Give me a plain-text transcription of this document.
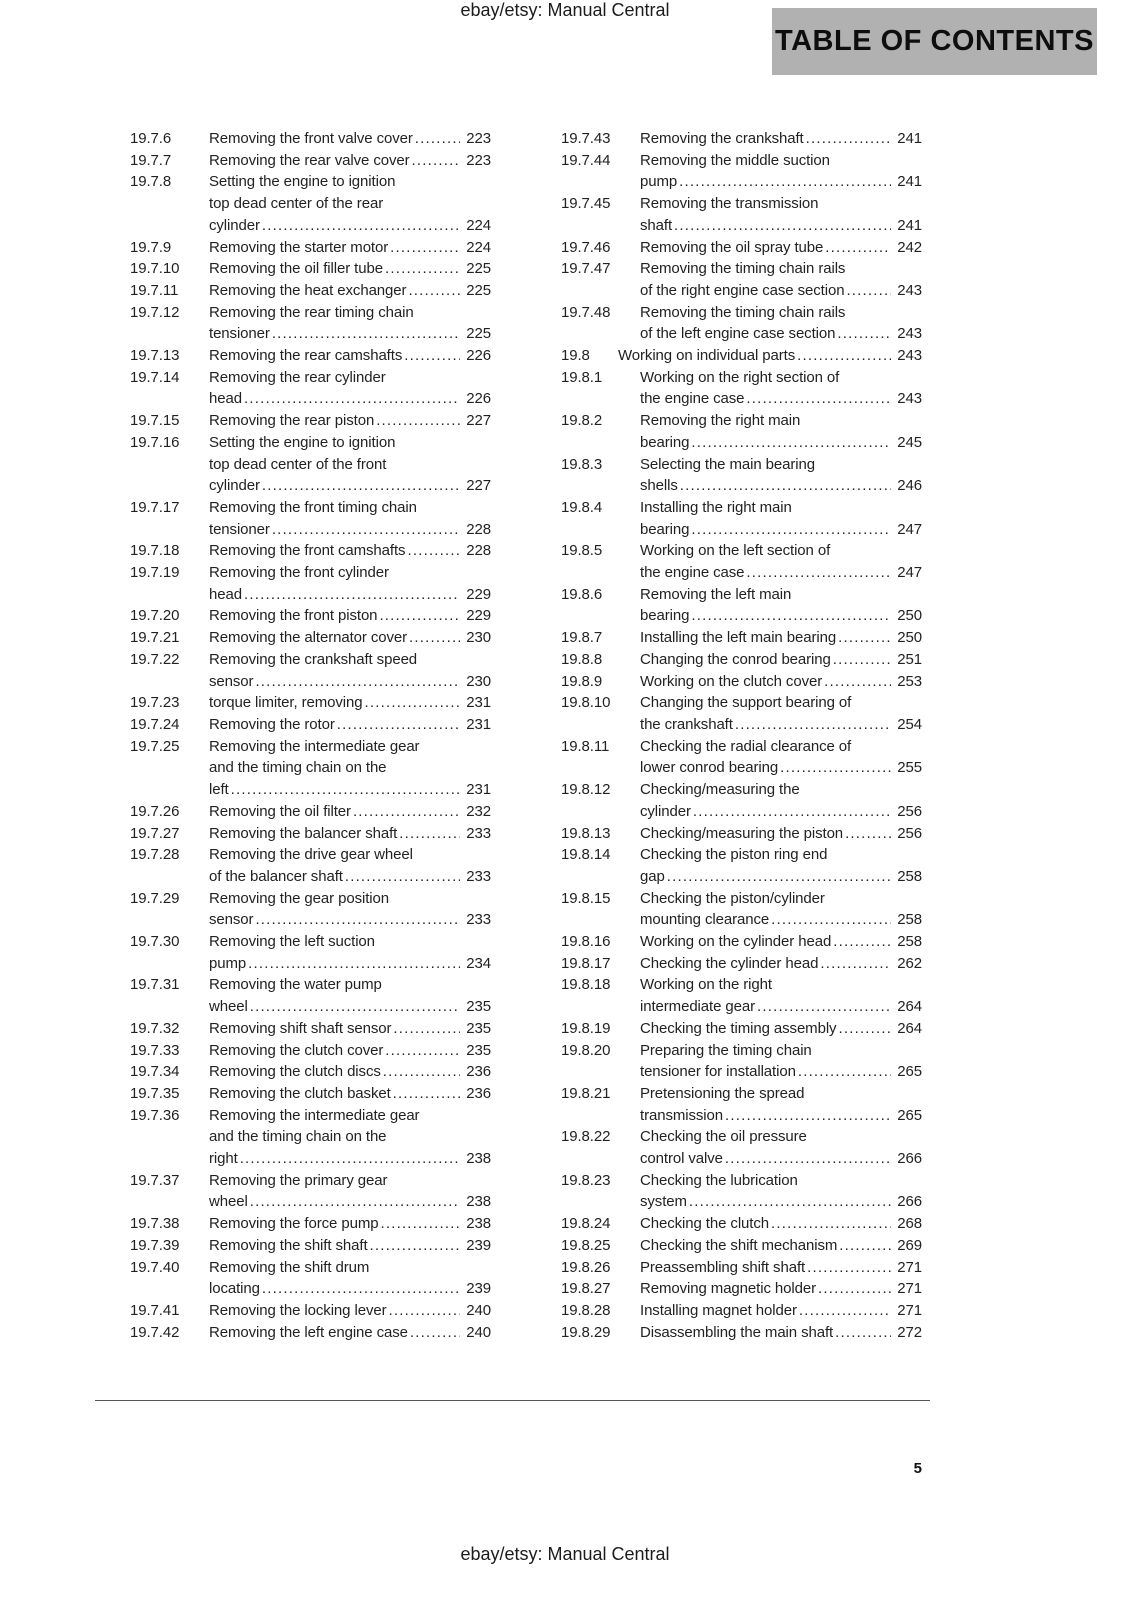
ebay/etsy: Manual Central
TABLE OF CONTENTS
19.7.6	Removing the front valve cover .....	223
19.7.7	Removing the rear valve cover .....	223
19.7.8	Setting the engine to ignition
top dead center of the rear
cylinder .....	224
19.7.9	Removing the starter motor .....	224
19.7.10	Removing the oil filler tube .....	225
19.7.11	Removing the heat exchanger .....	225
19.7.12	Removing the rear timing chain
tensioner .....	225
19.7.13	Removing the rear camshafts .....	226
19.7.14	Removing the rear cylinder
head .....	226
19.7.15	Removing the rear piston .....	227
19.7.16	Setting the engine to ignition
top dead center of the front
cylinder .....	227
19.7.17	Removing the front timing chain
tensioner .....	228
19.7.18	Removing the front camshafts .....	228
19.7.19	Removing the front cylinder
head .....	229
19.7.20	Removing the front piston .....	229
19.7.21	Removing the alternator cover .....	230
19.7.22	Removing the crankshaft speed
sensor .....	230
19.7.23	torque limiter, removing .....	231
19.7.24	Removing the rotor .....	231
19.7.25	Removing the intermediate gear
and the timing chain on the
left .....	231
19.7.26	Removing the oil filter .....	232
19.7.27	Removing the balancer shaft .....	233
19.7.28	Removing the drive gear wheel
of the balancer shaft .....	233
19.7.29	Removing the gear position
sensor .....	233
19.7.30	Removing the left suction
pump .....	234
19.7.31	Removing the water pump
wheel .....	235
19.7.32	Removing shift shaft sensor .....	235
19.7.33	Removing the clutch cover .....	235
19.7.34	Removing the clutch discs .....	236
19.7.35	Removing the clutch basket .....	236
19.7.36	Removing the intermediate gear
and the timing chain on the
right .....	238
19.7.37	Removing the primary gear
wheel .....	238
19.7.38	Removing the force pump .....	238
19.7.39	Removing the shift shaft .....	239
19.7.40	Removing the shift drum
locating .....	239
19.7.41	Removing the locking lever .....	240
19.7.42	Removing the left engine case .....	240
19.7.43	Removing the crankshaft .....	241
19.7.44	Removing the middle suction
pump .....	241
19.7.45	Removing the transmission
shaft .....	241
19.7.46	Removing the oil spray tube .....	242
19.7.47	Removing the timing chain rails
of the right engine case section .....	243
19.7.48	Removing the timing chain rails
of the left engine case section .....	243
19.8	Working on individual parts .....	243
19.8.1	Working on the right section of
the engine case .....	243
19.8.2	Removing the right main
bearing .....	245
19.8.3	Selecting the main bearing
shells .....	246
19.8.4	Installing the right main
bearing .....	247
19.8.5	Working on the left section of
the engine case .....	247
19.8.6	Removing the left main
bearing .....	250
19.8.7	Installing the left main bearing .....	250
19.8.8	Changing the conrod bearing .....	251
19.8.9	Working on the clutch cover .....	253
19.8.10	Changing the support bearing of
the crankshaft .....	254
19.8.11	Checking the radial clearance of
lower conrod bearing .....	255
19.8.12	Checking/measuring the
cylinder .....	256
19.8.13	Checking/measuring the piston .....	256
19.8.14	Checking the piston ring end
gap .....	258
19.8.15	Checking the piston/cylinder
mounting clearance .....	258
19.8.16	Working on the cylinder head .....	258
19.8.17	Checking the cylinder head .....	262
19.8.18	Working on the right
intermediate gear .....	264
19.8.19	Checking the timing assembly .....	264
19.8.20	Preparing the timing chain
tensioner for installation .....	265
19.8.21	Pretensioning the spread
transmission .....	265
19.8.22	Checking the oil pressure
control valve .....	266
19.8.23	Checking the lubrication
system .....	266
19.8.24	Checking the clutch .....	268
19.8.25	Checking the shift mechanism .....	269
19.8.26	Preassembling shift shaft .....	271
19.8.27	Removing magnetic holder .....	271
19.8.28	Installing magnet holder .....	271
19.8.29	Disassembling the main shaft .....	272
5
ebay/etsy: Manual Central
